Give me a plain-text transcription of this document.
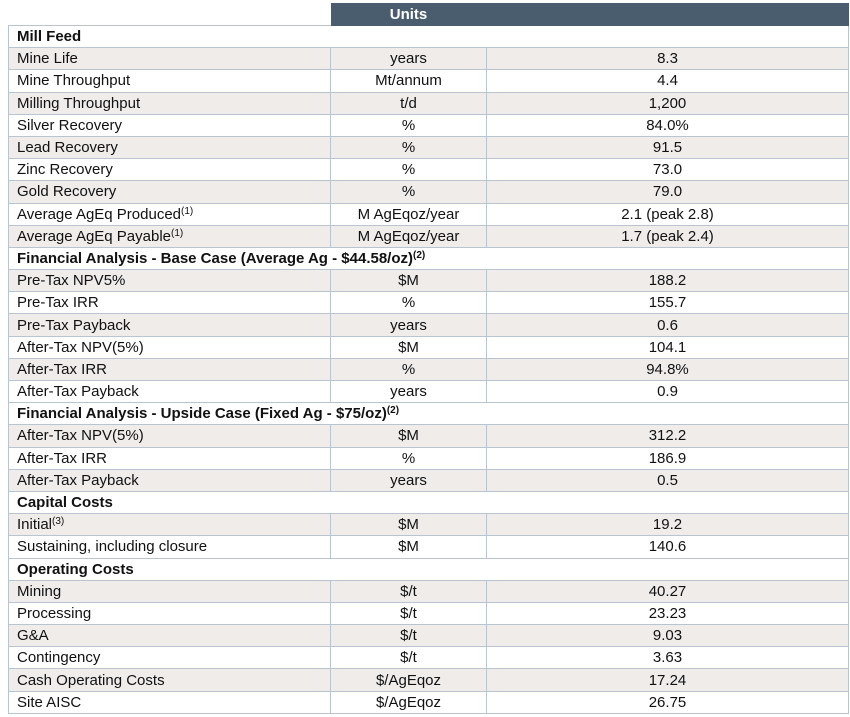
	Units	
Mill Feed		
Mine Life	years	8.3
Mine Throughput	Mt/annum	4.4
Milling Throughput	t/d	1,200
Silver Recovery	%	84.0%
Lead Recovery	%	91.5
Zinc Recovery	%	73.0
Gold Recovery	%	79.0
Average AgEq Produced$^{(1)}$	M AgEqoz/year	2.1 (peak 2.8)
Average AgEq Payable$^{(1)}$	M AgEqoz/year	1.7 (peak 2.4)
Financial Analysis - Base Case (Average Ag - $44.58/oz)$^{(2)}$
Pre-Tax NPV5%	$M	188.2
Pre-Tax IRR	%	155.7
Pre-Tax Payback	years	0.6
After-Tax NPV(5%)	$M	104.1
After-Tax IRR	%	94.8%
After-Tax Payback	years	0.9
Financial Analysis - Upside Case (Fixed Ag - $75/oz)$^{(2)}$
After-Tax NPV(5%)	$M	312.2
After-Tax IRR	%	186.9
After-Tax Payback	years	0.5
Capital Costs		
Initial$^{(3)}$	$M	19.2
Sustaining, including closure	$M	140.6
Operating Costs		
Mining	$/t	40.27
Processing	$/t	23.23
G&A	$/t	9.03
Contingency	$/t	3.63
Cash Operating Costs	$/AgEqoz	17.24
Site AISC	$/AgEqoz	26.75
